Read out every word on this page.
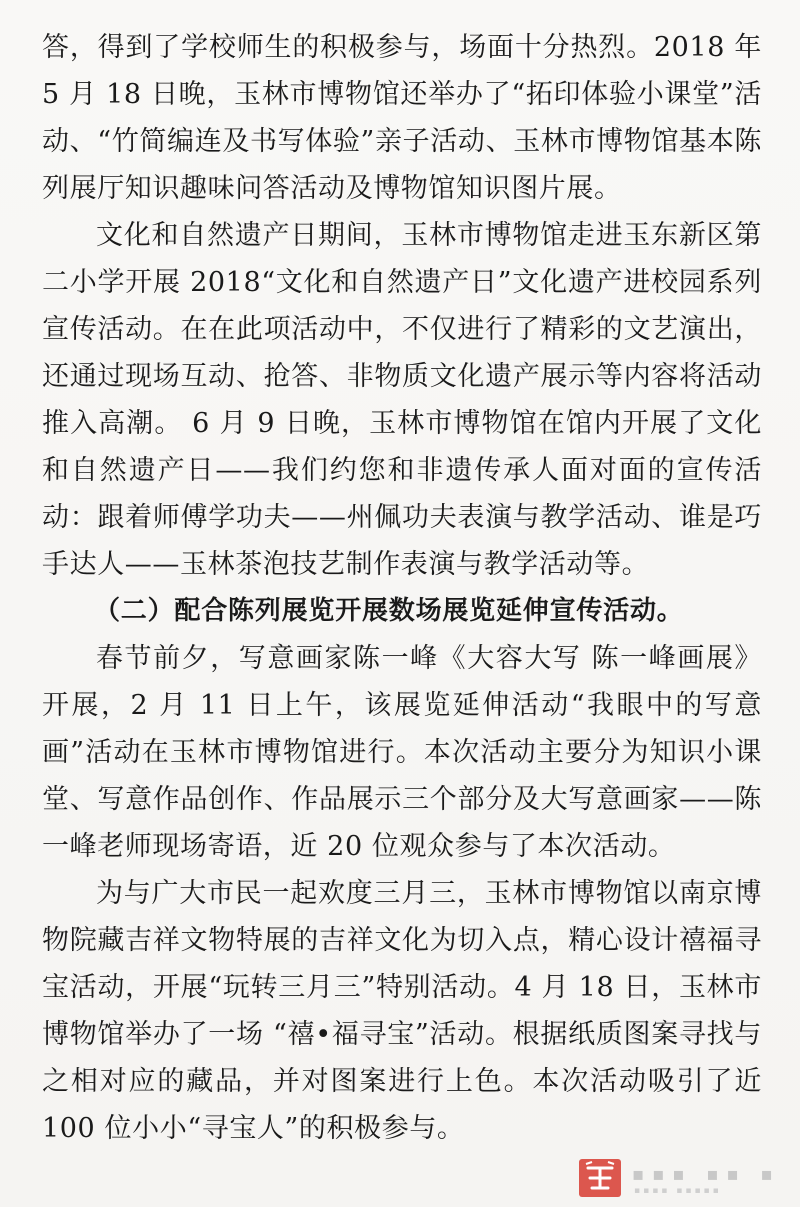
答，得到了学校师生的积极参与，场面十分热烈。2018 年 5 月 18 日晚，玉林市博物馆还举办了“拓印体验小课堂”活动、“竹简编连及书写体验”亲子活动、玉林市博物馆基本陈列展厅知识趣味问答活动及博物馆知识图片展。

文化和自然遗产日期间，玉林市博物馆走进玉东新区第二小学开展 2018“文化和自然遗产日”文化遗产进校园系列宣传活动。在在此项活动中，不仅进行了精彩的文艺演出，还通过现场互动、抢答、非物质文化遗产展示等内容将活动推入高潮。 6 月 9 日晚，玉林市博物馆在馆内开展了文化和自然遗产日——我们约您和非遗传承人面对面的宣传活动：跟着师傅学功夫——州佩功夫表演与教学活动、谁是巧手达人——玉林茶泡技艺制作表演与教学活动等。

（二）配合陈列展览开展数场展览延伸宣传活动。

春节前夕，写意画家陈一峰《大容大写 陈一峰画展》开展，2 月 11 日上午，该展览延伸活动“我眼中的写意画”活动在玉林市博物馆进行。本次活动主要分为知识小课堂、写意作品创作、作品展示三个部分及大写意画家——陈一峰老师现场寄语，近 20 位观众参与了本次活动。

为与广大市民一起欢度三月三，玉林市博物馆以南京博物院藏吉祥文物特展的吉祥文化为切入点，精心设计禧福寻宝活动，开展“玩转三月三”特别活动。4 月 18 日，玉林市博物馆举办了一场 “禧•福寻宝”活动。根据纸质图案寻找与之相对应的藏品，并对图案进行上色。本次活动吸引了近 100 位小小“寻宝人”的积极参与。

▪▪▪ ▪▪ ▪
▪▪▪▪ ▪▪▪▪▪
